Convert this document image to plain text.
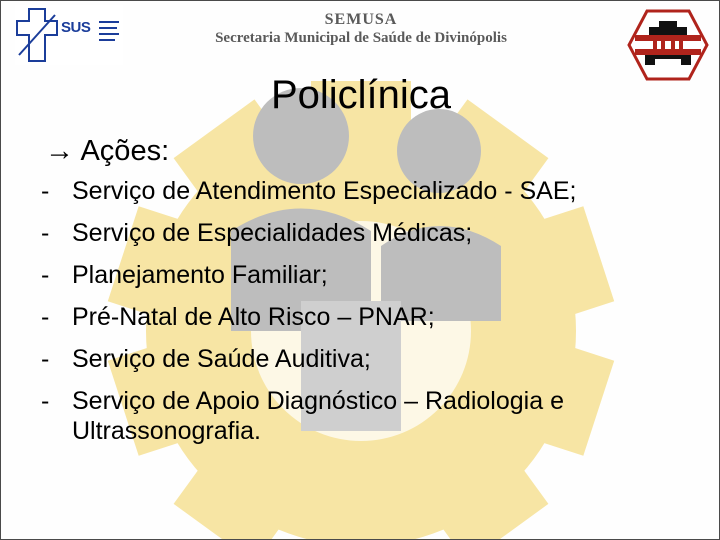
SUS	SEMUSA
Secretaria Municipal de Saúde de Divinópolis
Policlínica
→ Ações:
- Serviço de Atendimento Especializado - SAE;
- Serviço de Especialidades Médicas;
- Planejamento Familiar;
- Pré-Natal de Alto Risco – PNAR;
- Serviço de Saúde Auditiva;
- Serviço de Apoio Diagnóstico – Radiologia e Ultrassonografia.
